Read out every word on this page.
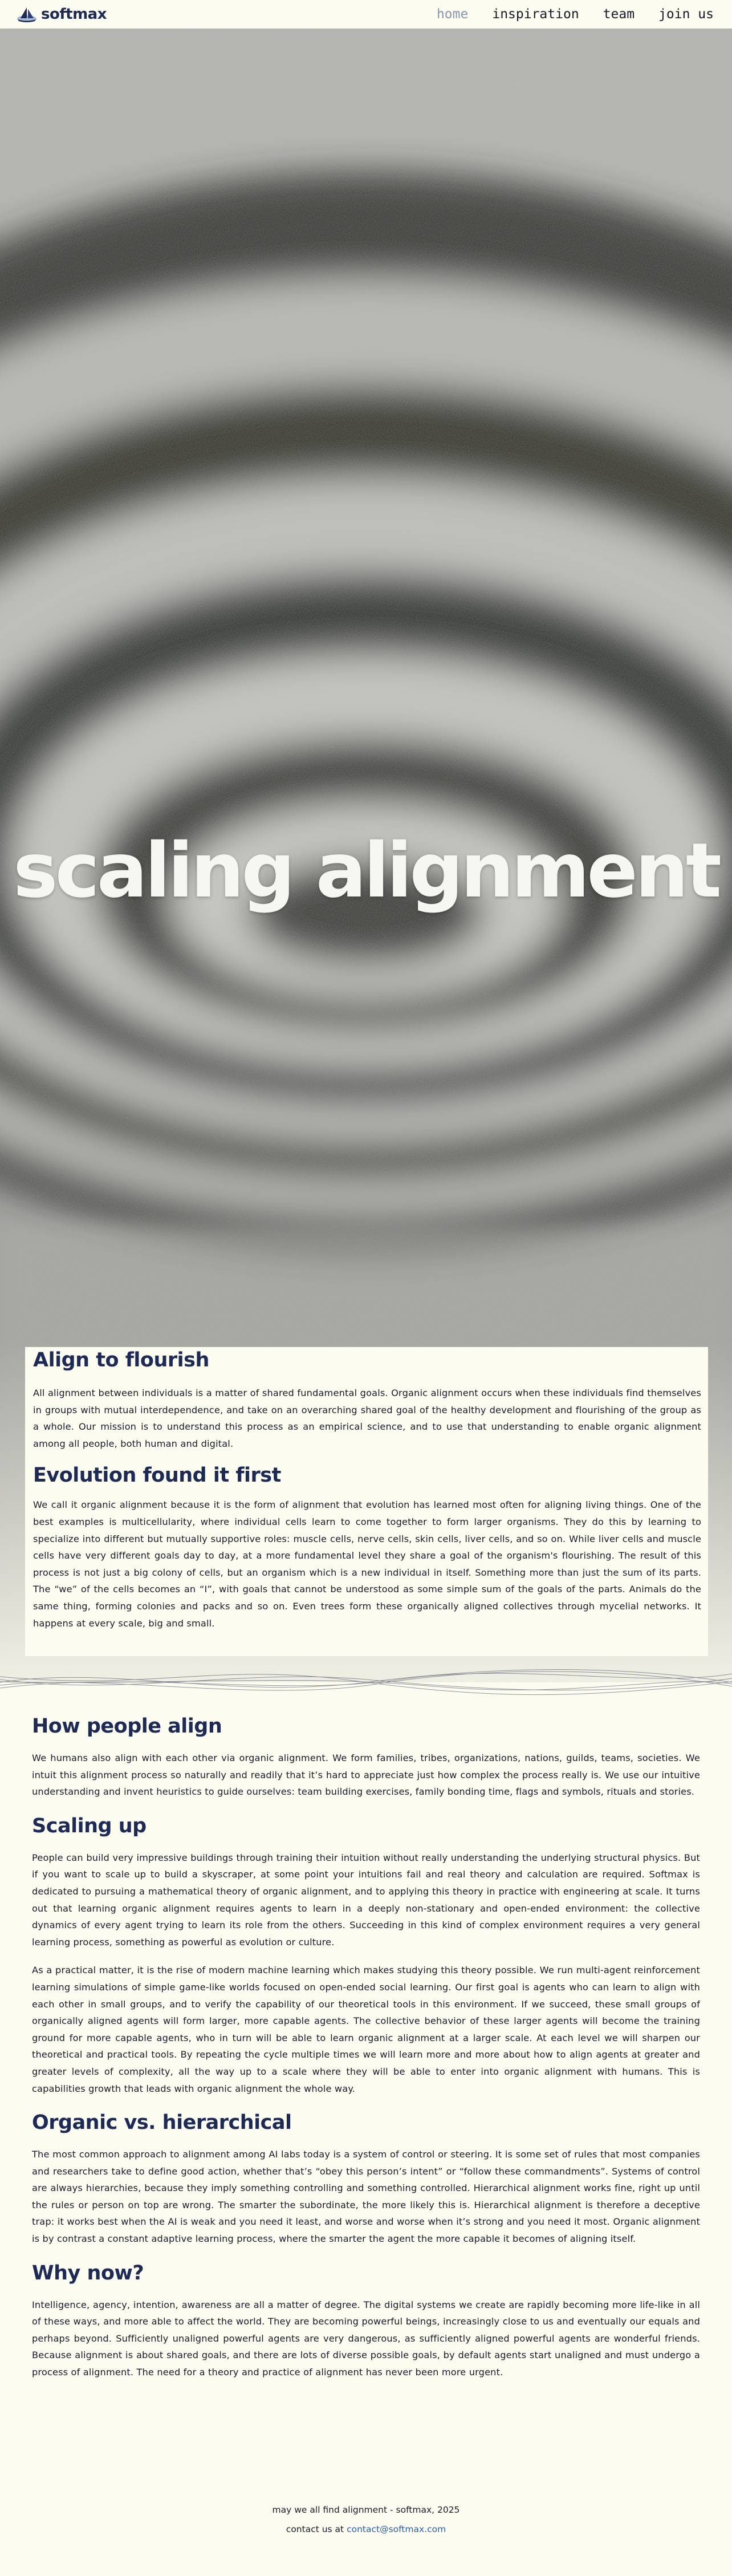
softmax	home inspiration team join us
scaling alignment
Align to flourish

All alignment between individuals is a matter of shared fundamental goals. Organic alignment occurs when these individuals find themselves in groups with mutual interdependence, and take on an overarching shared goal of the healthy development and flourishing of the group as a whole. Our mission is to understand this process as an empirical science, and to use that understanding to enable organic alignment among all people, both human and digital.

Evolution found it first

We call it organic alignment because it is the form of alignment that evolution has learned most often for aligning living things. One of the best examples is multicellularity, where individual cells learn to come together to form larger organisms. They do this by learning to specialize into different but mutually supportive roles: muscle cells, nerve cells, skin cells, liver cells, and so on. While liver cells and muscle cells have very different goals day to day, at a more fundamental level they share a goal of the organism's flourishing. The result of this process is not just a big colony of cells, but an organism which is a new individual in itself. Something more than just the sum of its parts. The “we” of the cells becomes an “I”, with goals that cannot be understood as some simple sum of the goals of the parts. Animals do the same thing, forming colonies and packs and so on. Even trees form these organically aligned collectives through mycelial networks. It happens at every scale, big and small.

How people align

We humans also align with each other via organic alignment. We form families, tribes, organizations, nations, guilds, teams, societies. We intuit this alignment process so naturally and readily that it’s hard to appreciate just how complex the process really is. We use our intuitive understanding and invent heuristics to guide ourselves: team building exercises, family bonding time, flags and symbols, rituals and stories.

Scaling up

People can build very impressive buildings through training their intuition without really understanding the underlying structural physics. But if you want to scale up to build a skyscraper, at some point your intuitions fail and real theory and calculation are required. Softmax is dedicated to pursuing a mathematical theory of organic alignment, and to applying this theory in practice with engineering at scale. It turns out that learning organic alignment requires agents to learn in a deeply non-stationary and open-ended environment: the collective dynamics of every agent trying to learn its role from the others. Succeeding in this kind of complex environment requires a very general learning process, something as powerful as evolution or culture.

As a practical matter, it is the rise of modern machine learning which makes studying this theory possible. We run multi-agent reinforcement learning simulations of simple game-like worlds focused on open-ended social learning. Our first goal is agents who can learn to align with each other in small groups, and to verify the capability of our theoretical tools in this environment. If we succeed, these small groups of organically aligned agents will form larger, more capable agents. The collective behavior of these larger agents will become the training ground for more capable agents, who in turn will be able to learn organic alignment at a larger scale. At each level we will sharpen our theoretical and practical tools. By repeating the cycle multiple times we will learn more and more about how to align agents at greater and greater levels of complexity, all the way up to a scale where they will be able to enter into organic alignment with humans. This is capabilities growth that leads with organic alignment the whole way.

Organic vs. hierarchical

The most common approach to alignment among AI labs today is a system of control or steering. It is some set of rules that most companies and researchers take to define good action, whether that’s “obey this person’s intent” or “follow these commandments”. Systems of control are always hierarchies, because they imply something controlling and something controlled. Hierarchical alignment works fine, right up until the rules or person on top are wrong. The smarter the subordinate, the more likely this is. Hierarchical alignment is therefore a deceptive trap: it works best when the AI is weak and you need it least, and worse and worse when it’s strong and you need it most. Organic alignment is by contrast a constant adaptive learning process, where the smarter the agent the more capable it becomes of aligning itself.

Why now?

Intelligence, agency, intention, awareness are all a matter of degree. The digital systems we create are rapidly becoming more life-like in all of these ways, and more able to affect the world. They are becoming powerful beings, increasingly close to us and eventually our equals and perhaps beyond. Sufficiently unaligned powerful agents are very dangerous, as sufficiently aligned powerful agents are wonderful friends. Because alignment is about shared goals, and there are lots of diverse possible goals, by default agents start unaligned and must undergo a process of alignment. The need for a theory and practice of alignment has never been more urgent.

may we all find alignment - softmax, 2025
contact us at contact@softmax.com
